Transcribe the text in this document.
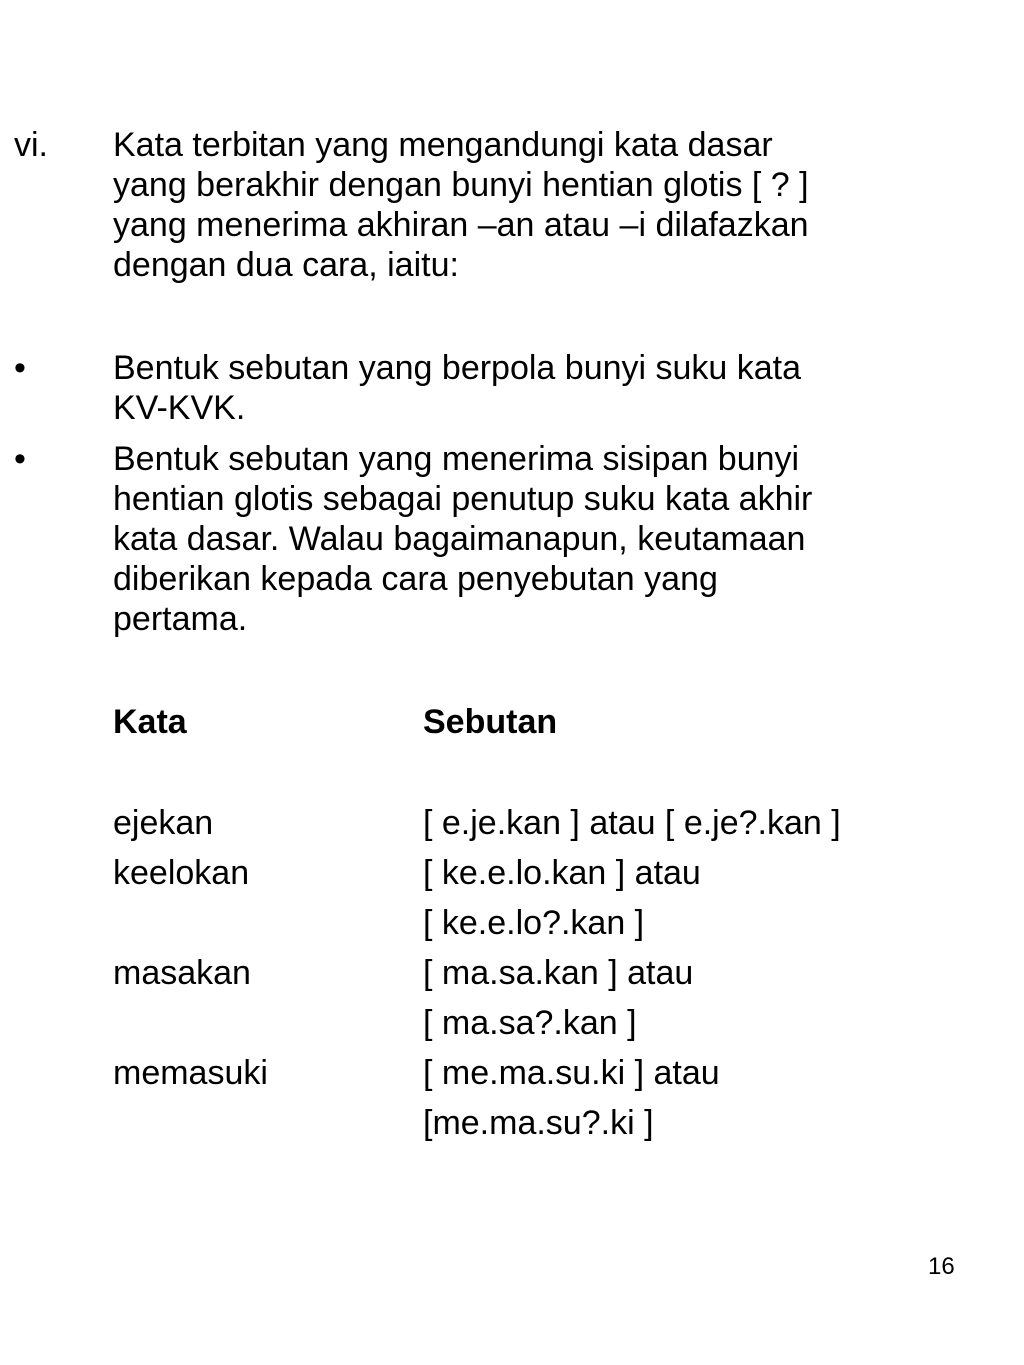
vi. Kata terbitan yang mengandungi kata dasar
yang berakhir dengan bunyi hentian glotis [ ? ]
yang menerima akhiran –an atau –i dilafazkan
dengan dua cara, iaitu:
•	Bentuk sebutan yang berpola bunyi suku kata
KV-KVK.
•	Bentuk sebutan yang menerima sisipan bunyi
hentian glotis sebagai penutup suku kata akhir
kata dasar. Walau bagaimanapun, keutamaan
diberikan kepada cara penyebutan yang
pertama.
Kata	Sebutan
ejekan	[ e.je.kan ] atau [ e.je?.kan ]
keelokan	[ ke.e.lo.kan ] atau
[ ke.e.lo?.kan ]
masakan	[ ma.sa.kan ] atau
[ ma.sa?.kan ]
memasuki	[ me.ma.su.ki ] atau
[me.ma.su?.ki ]
16
